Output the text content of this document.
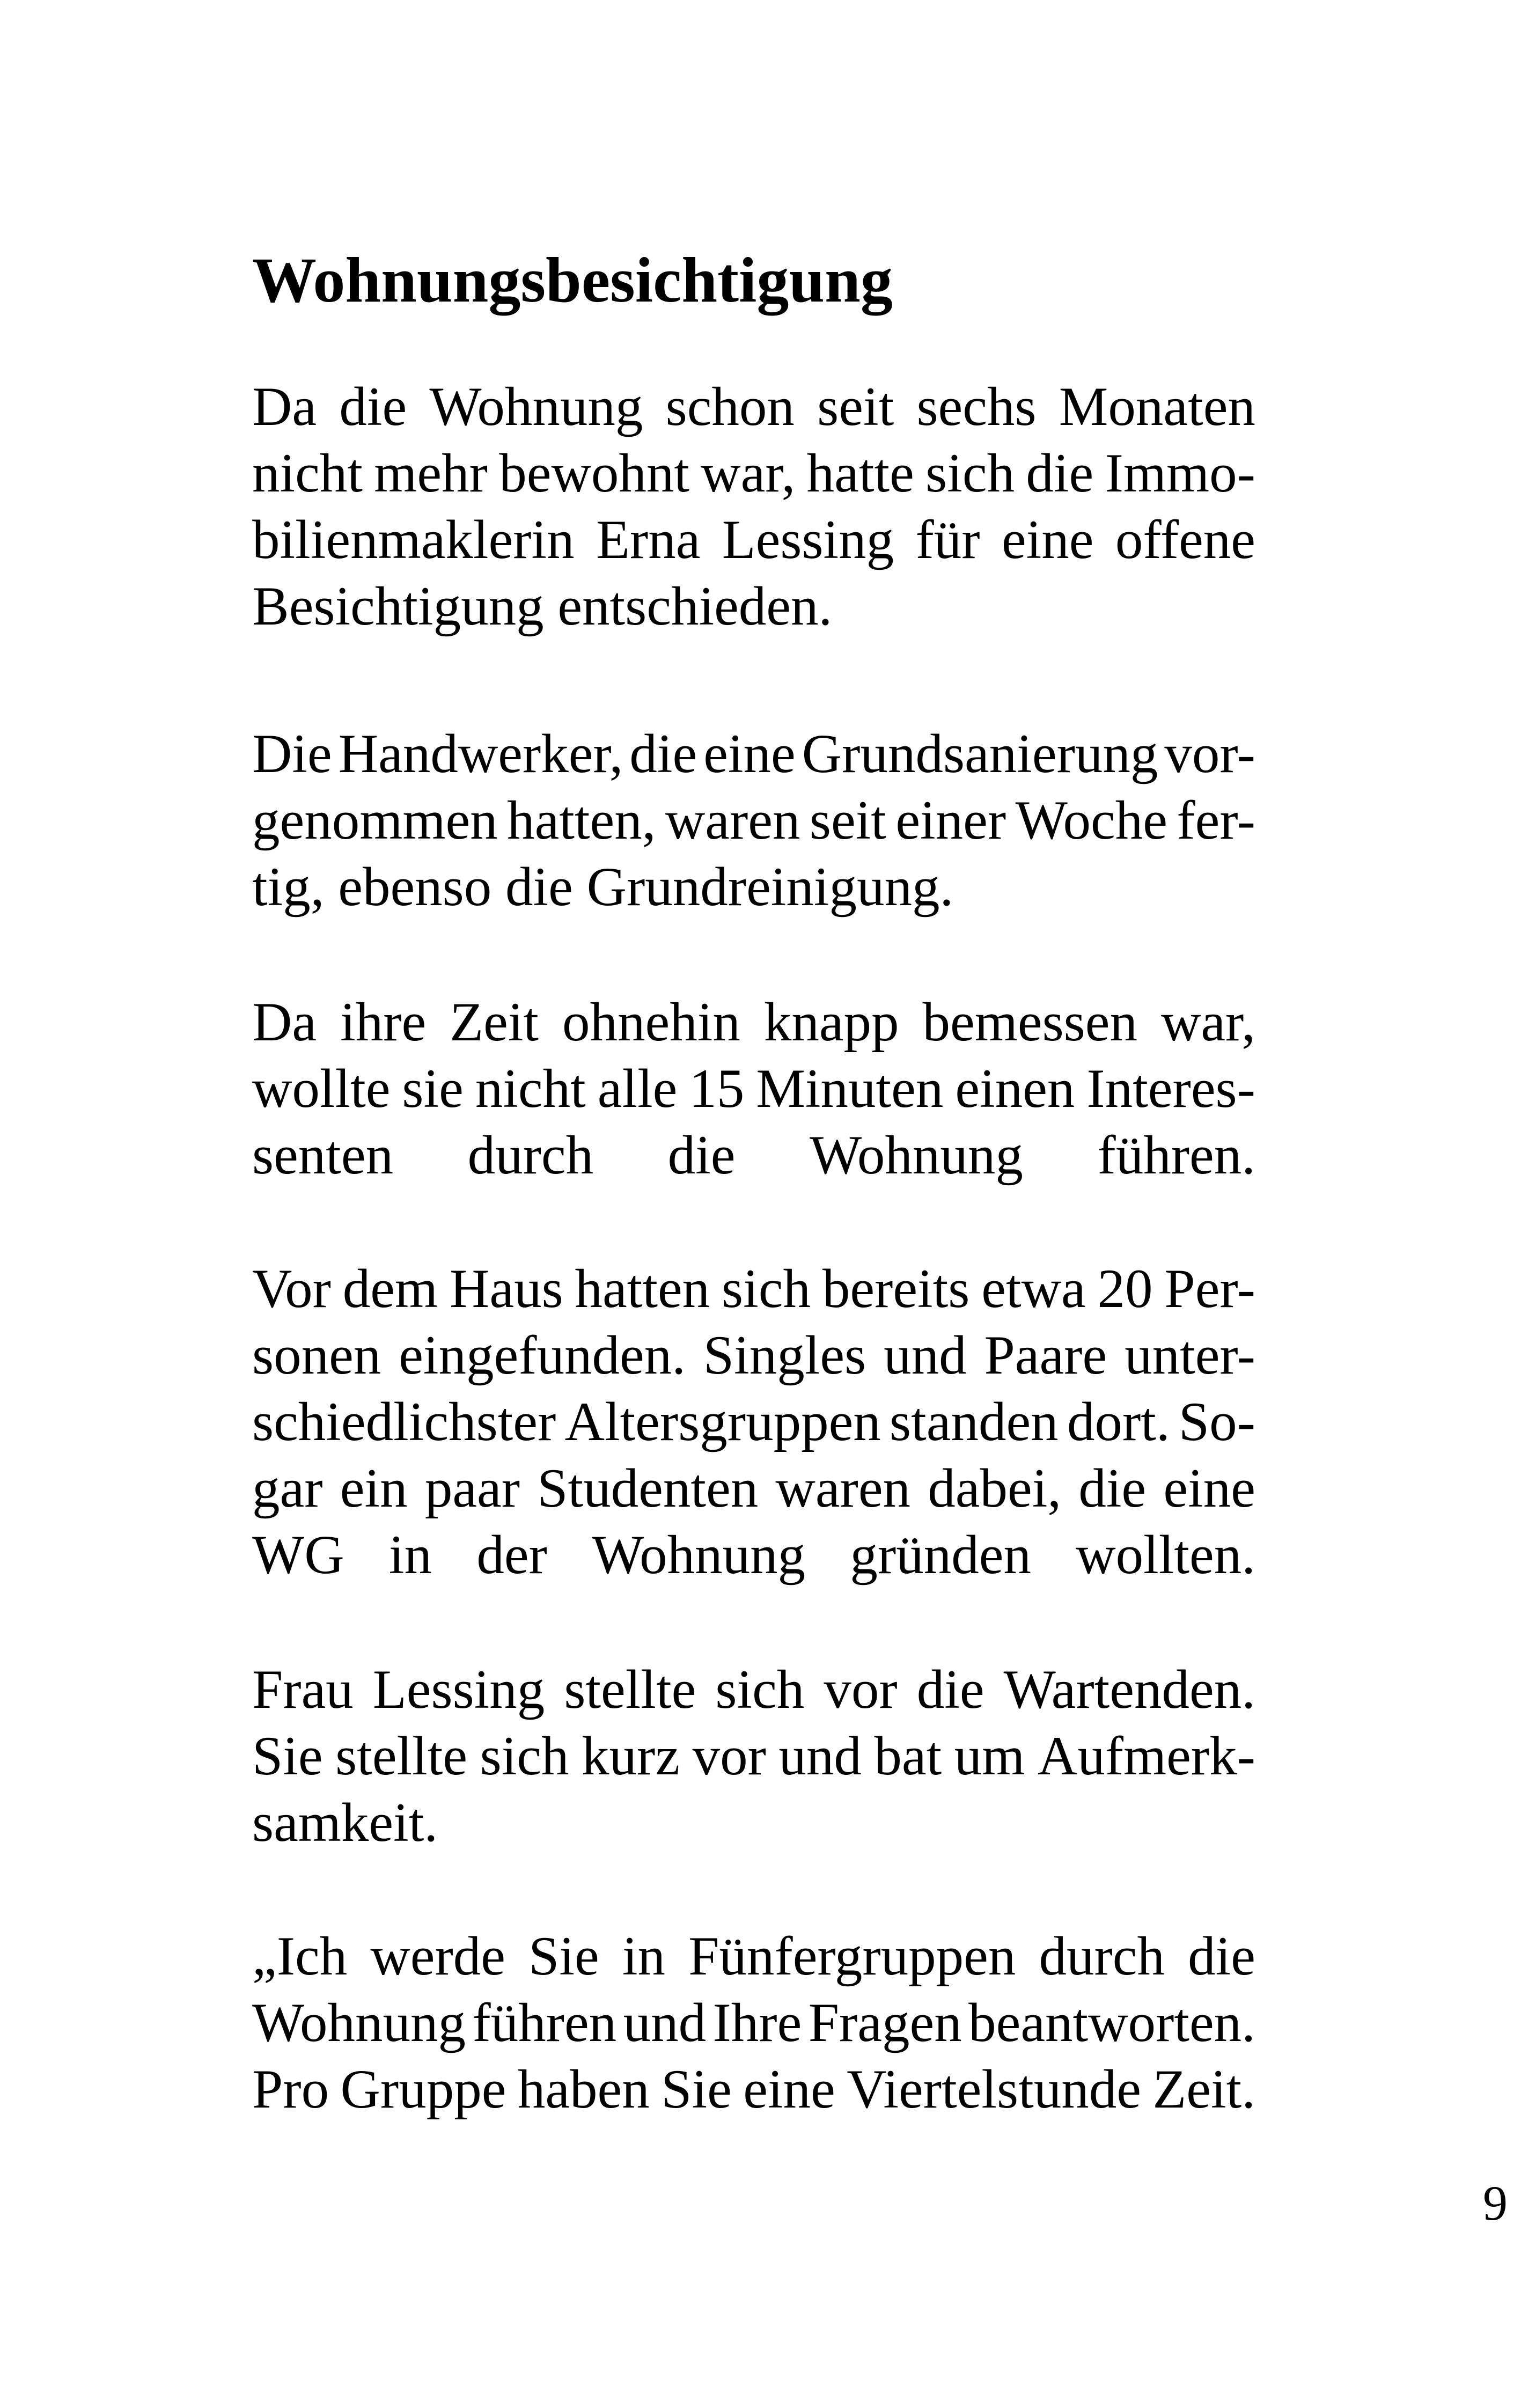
Wohnungsbesichtigung
Da die Wohnung schon seit sechs Monaten
nicht mehr bewohnt war, hatte sich die Immo-
bilienmaklerin Erna Lessing für eine offene
Besichtigung entschieden.
Die Handwerker, die eine Grundsanierung vor-
genommen hatten, waren seit einer Woche fer-
tig, ebenso die Grundreinigung.
Da ihre Zeit ohnehin knapp bemessen war,
wollte sie nicht alle 15 Minuten einen Interes-
senten durch die Wohnung führen.
Vor dem Haus hatten sich bereits etwa 20 Per-
sonen eingefunden. Singles und Paare unter-
schiedlichster Altersgruppen standen dort. So-
gar ein paar Studenten waren dabei, die eine
WG in der Wohnung gründen wollten.
Frau Lessing stellte sich vor die Wartenden.
Sie stellte sich kurz vor und bat um Aufmerk-
samkeit.
„Ich werde Sie in Fünfergruppen durch die
Wohnung führen und Ihre Fragen beantworten.
Pro Gruppe haben Sie eine Viertelstunde Zeit.
9
